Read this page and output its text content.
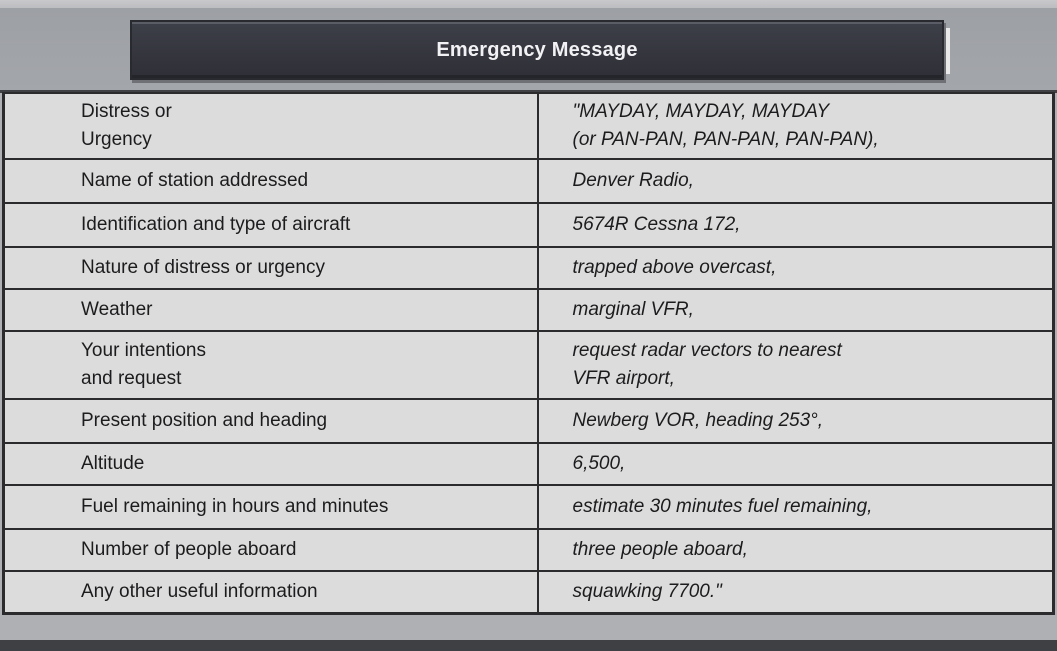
Emergency Message
Distress or
Urgency	"MAYDAY, MAYDAY, MAYDAY
(or PAN-PAN, PAN-PAN, PAN-PAN),
Name of station addressed	Denver Radio,
Identification and type of aircraft	5674R Cessna 172,
Nature of distress or urgency	trapped above overcast,
Weather	marginal VFR,
Your intentions
and request	request radar vectors to nearest
VFR airport,
Present position and heading	Newberg VOR, heading 253°,
Altitude	6,500,
Fuel remaining in hours and minutes	estimate 30 minutes fuel remaining,
Number of people aboard	three people aboard,
Any other useful information	squawking 7700."
